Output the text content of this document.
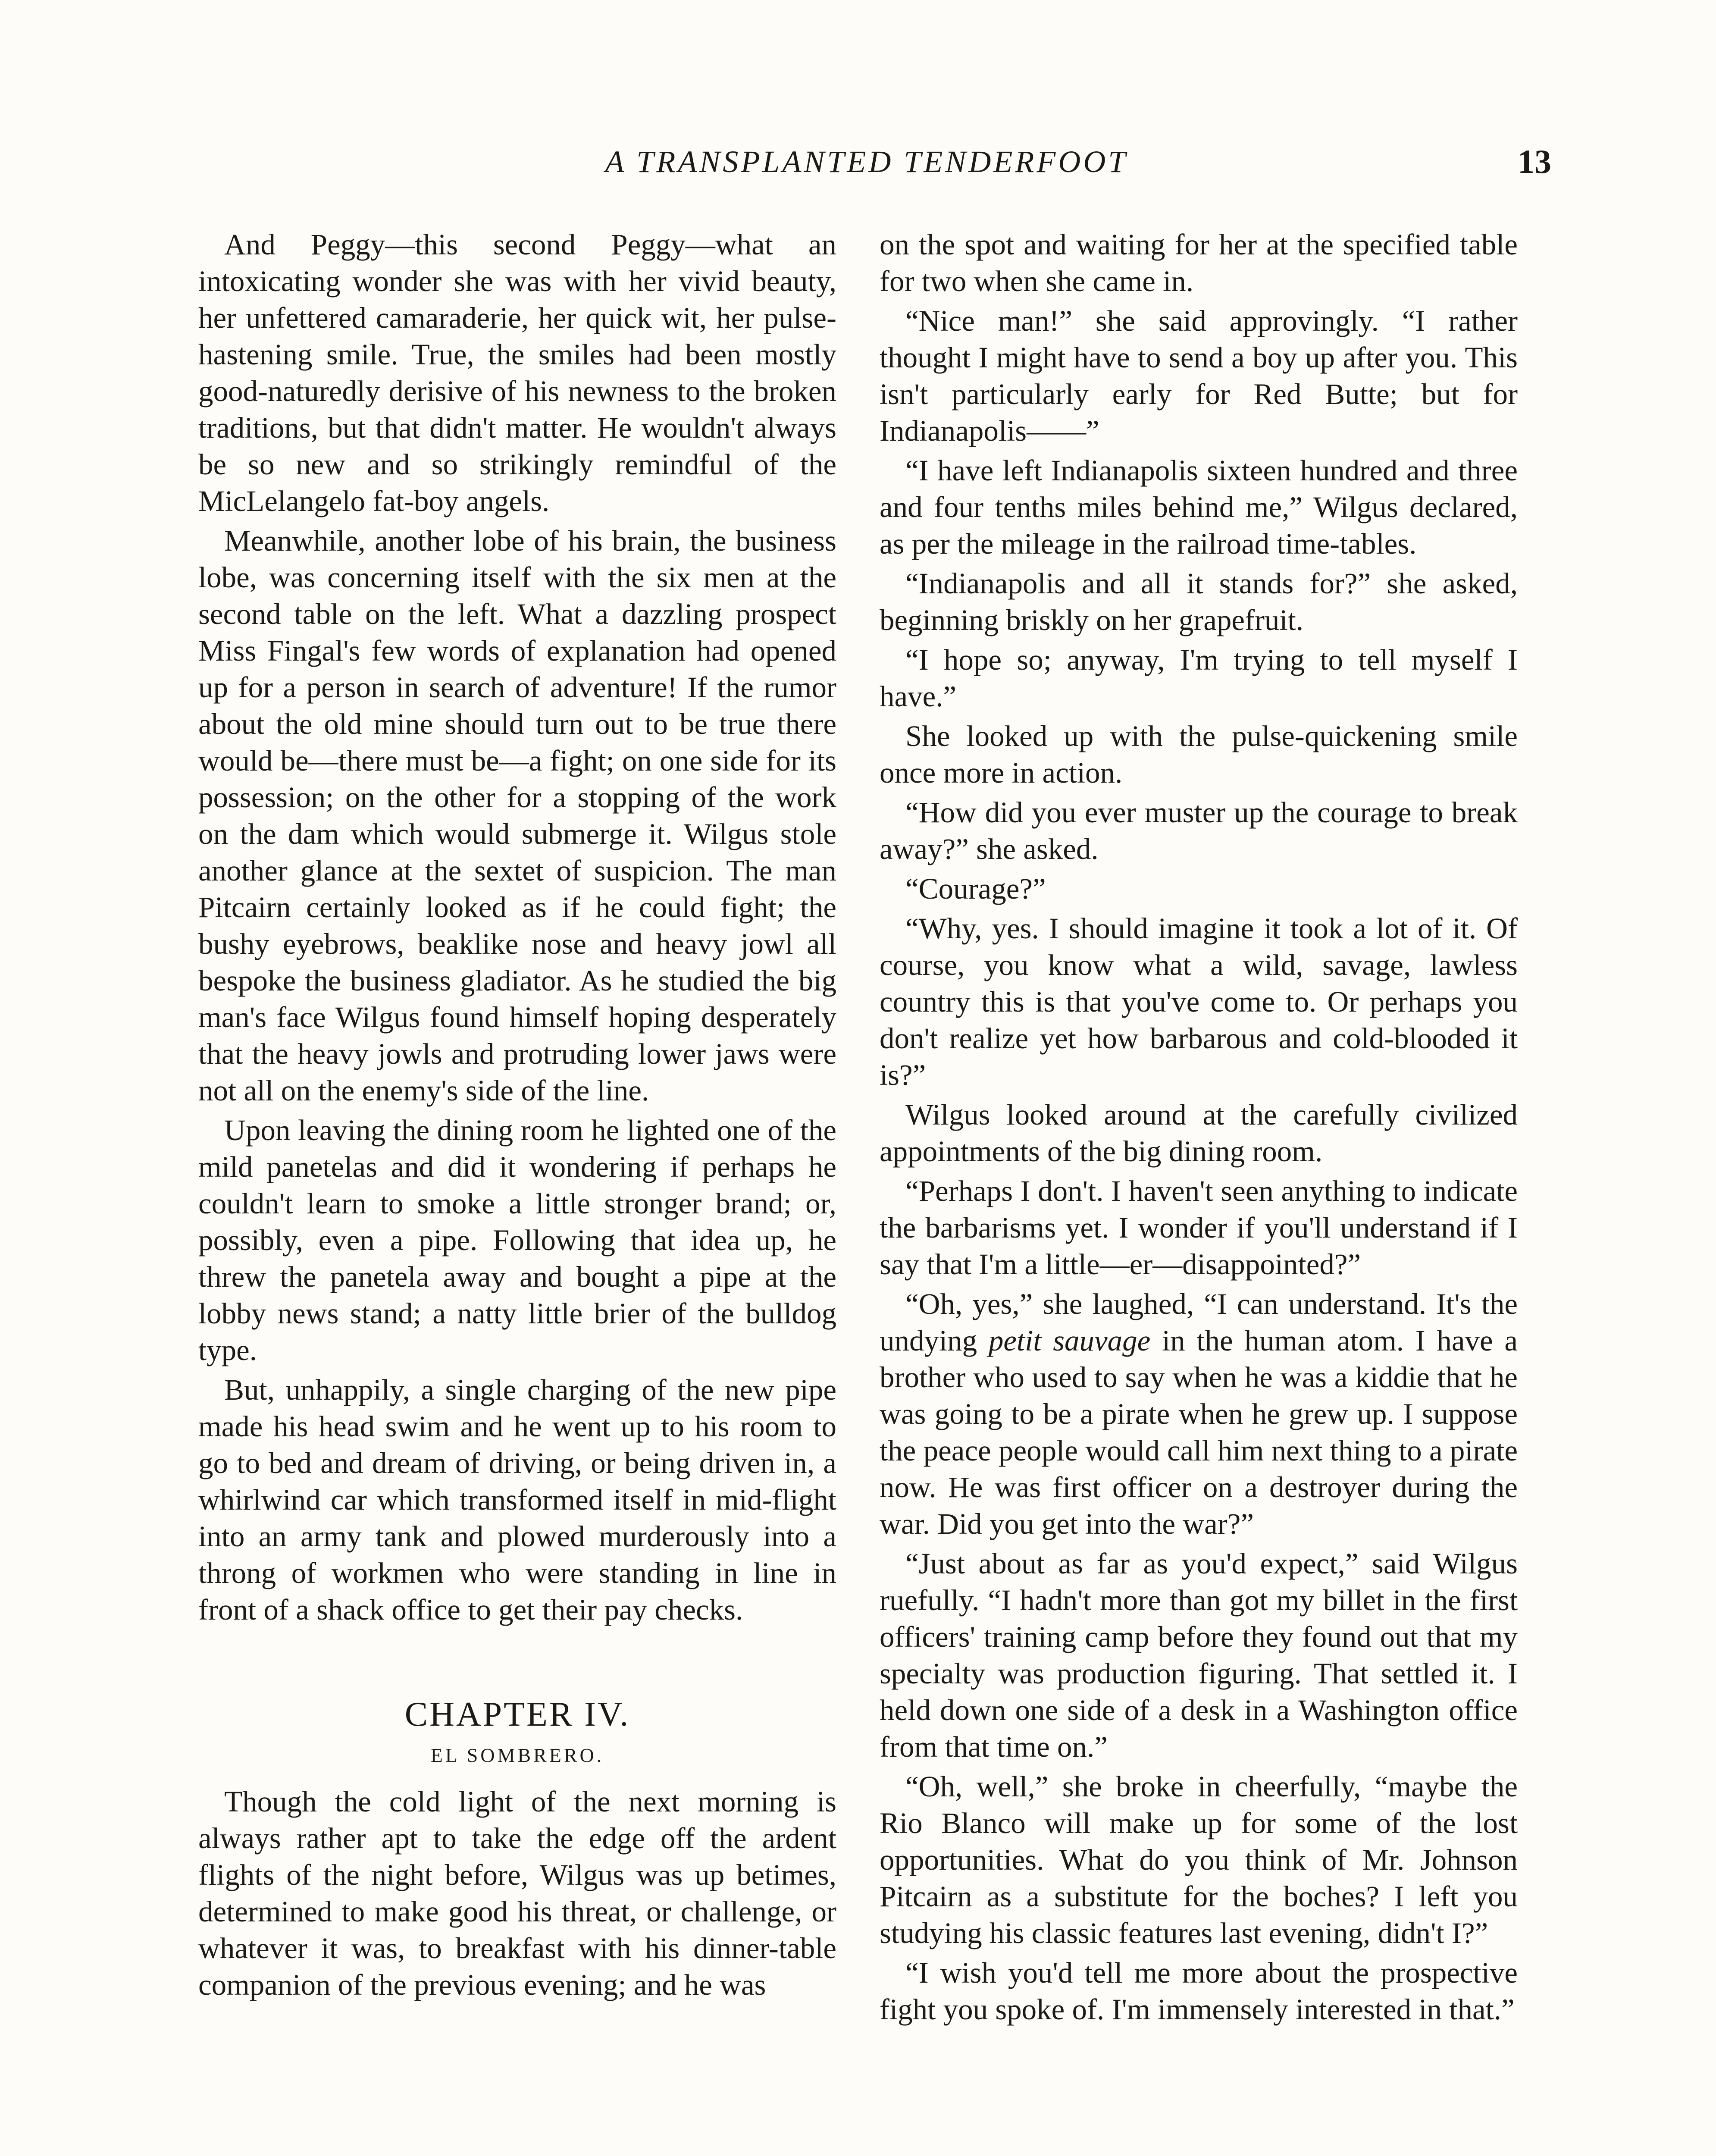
A TRANSPLANTED TENDERFOOT	13

And Peggy—this second Peggy—what an intoxicating wonder she was with her vivid beauty, her unfettered camaraderie, her quick wit, her pulse-hastening smile. True, the smiles had been mostly good-naturedly derisive of his newness to the broken traditions, but that didn't matter. He wouldn't always be so new and so strikingly remindful of the MicLelangelo fat-boy angels.

Meanwhile, another lobe of his brain, the business lobe, was concerning itself with the six men at the second table on the left. What a dazzling prospect Miss Fingal's few words of explanation had opened up for a person in search of adventure! If the rumor about the old mine should turn out to be true there would be—there must be—a fight; on one side for its possession; on the other for a stopping of the work on the dam which would submerge it. Wilgus stole another glance at the sextet of suspicion. The man Pitcairn certainly looked as if he could fight; the bushy eyebrows, beaklike nose and heavy jowl all bespoke the business gladiator. As he studied the big man's face Wilgus found himself hoping desperately that the heavy jowls and protruding lower jaws were not all on the enemy's side of the line.

Upon leaving the dining room he lighted one of the mild panetelas and did it wondering if perhaps he couldn't learn to smoke a little stronger brand; or, possibly, even a pipe. Following that idea up, he threw the panetela away and bought a pipe at the lobby news stand; a natty little brier of the bulldog type.

But, unhappily, a single charging of the new pipe made his head swim and he went up to his room to go to bed and dream of driving, or being driven in, a whirlwind car which transformed itself in mid-flight into an army tank and plowed murderously into a throng of workmen who were standing in line in front of a shack office to get their pay checks.

CHAPTER IV.
EL SOMBRERO.

Though the cold light of the next morning is always rather apt to take the edge off the ardent flights of the night before, Wilgus was up betimes, determined to make good his threat, or challenge, or whatever it was, to breakfast with his dinner-table companion of the previous evening; and he was

on the spot and waiting for her at the specified table for two when she came in.

“Nice man!” she said approvingly. “I rather thought I might have to send a boy up after you. This isn't particularly early for Red Butte; but for Indianapolis——”

“I have left Indianapolis sixteen hundred and three and four tenths miles behind me,” Wilgus declared, as per the mileage in the railroad time-tables.

“Indianapolis and all it stands for?” she asked, beginning briskly on her grapefruit.

“I hope so; anyway, I'm trying to tell myself I have.”

She looked up with the pulse-quickening smile once more in action.

“How did you ever muster up the courage to break away?” she asked.

“Courage?”

“Why, yes. I should imagine it took a lot of it. Of course, you know what a wild, savage, lawless country this is that you've come to. Or perhaps you don't realize yet how barbarous and cold-blooded it is?”

Wilgus looked around at the carefully civilized appointments of the big dining room.

“Perhaps I don't. I haven't seen anything to indicate the barbarisms yet. I wonder if you'll understand if I say that I'm a little—er—disappointed?”

“Oh, yes,” she laughed, “I can understand. It's the undying petit sauvage in the human atom. I have a brother who used to say when he was a kiddie that he was going to be a pirate when he grew up. I suppose the peace people would call him next thing to a pirate now. He was first officer on a destroyer during the war. Did you get into the war?”

“Just about as far as you'd expect,” said Wilgus ruefully. “I hadn't more than got my billet in the first officers' training camp before they found out that my specialty was production figuring. That settled it. I held down one side of a desk in a Washington office from that time on.”

“Oh, well,” she broke in cheerfully, “maybe the Rio Blanco will make up for some of the lost opportunities. What do you think of Mr. Johnson Pitcairn as a substitute for the boches? I left you studying his classic features last evening, didn't I?”

“I wish you'd tell me more about the prospective fight you spoke of. I'm immensely interested in that.”
